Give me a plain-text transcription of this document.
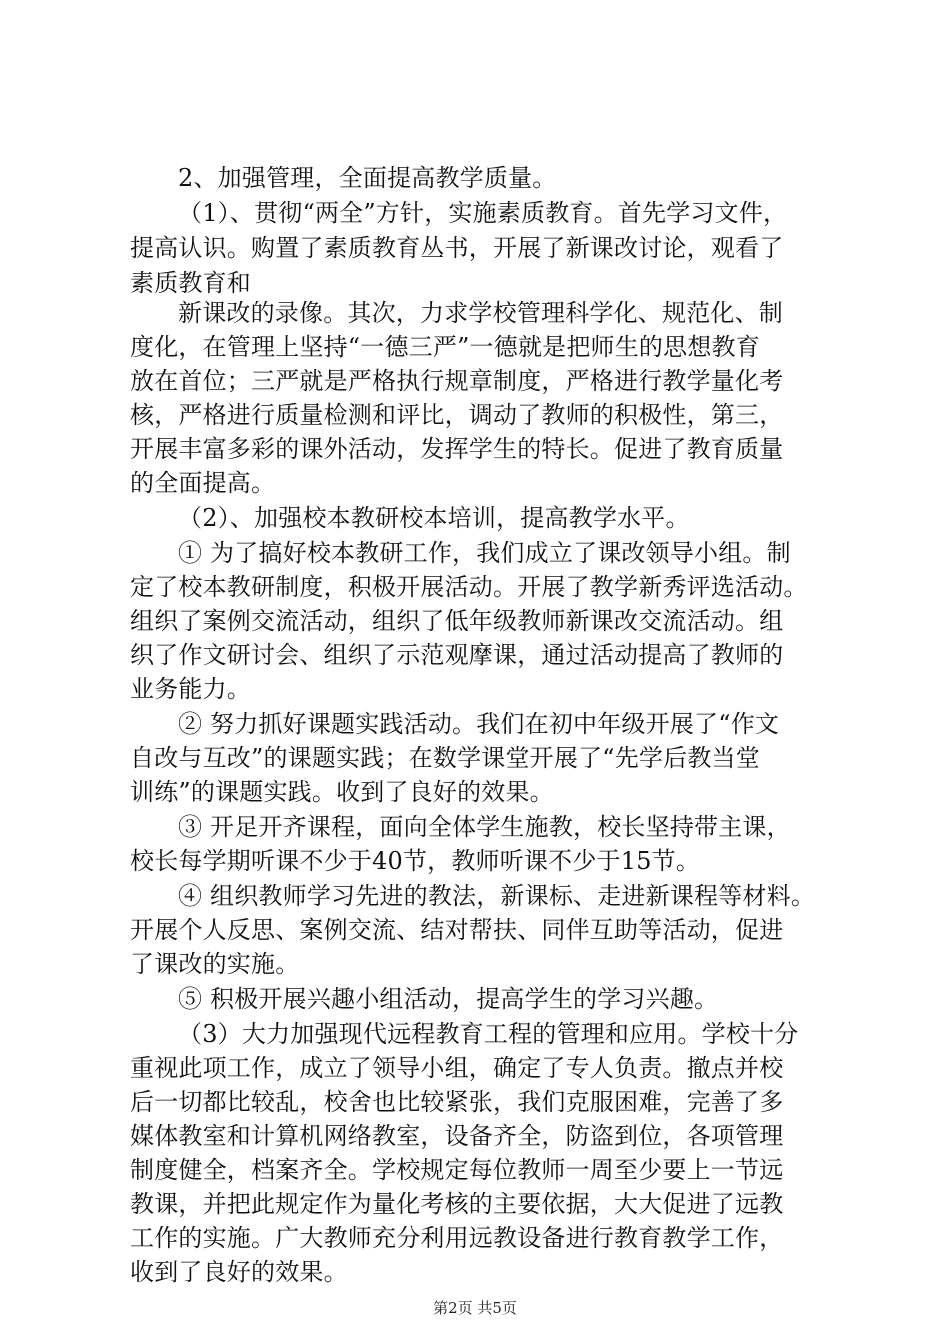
2、加强管理，全面提高教学质量。
（1）、贯彻“两全”方针，实施素质教育。首先学习文件，
提高认识。购置了素质教育丛书，开展了新课改讨论，观看了
素质教育和
新课改的录像。其次，力求学校管理科学化、规范化、制
度化，在管理上坚持“一德三严”一德就是把师生的思想教育
放在首位；三严就是严格执行规章制度，严格进行教学量化考
核，严格进行质量检测和评比，调动了教师的积极性，第三，
开展丰富多彩的课外活动，发挥学生的特长。促进了教育质量
的全面提高。
（2）、加强校本教研校本培训，提高教学水平。
① 为了搞好校本教研工作，我们成立了课改领导小组。制
定了校本教研制度，积极开展活动。开展了教学新秀评选活动。
组织了案例交流活动，组织了低年级教师新课改交流活动。组
织了作文研讨会、组织了示范观摩课，通过活动提高了教师的
业务能力。
② 努力抓好课题实践活动。我们在初中年级开展了“作文
自改与互改”的课题实践；在数学课堂开展了“先学后教当堂
训练”的课题实践。收到了良好的效果。
③ 开足开齐课程，面向全体学生施教，校长坚持带主课，
校长每学期听课不少于40节，教师听课不少于15节。
④ 组织教师学习先进的教法，新课标、走进新课程等材料。
开展个人反思、案例交流、结对帮扶、同伴互助等活动，促进
了课改的实施。
⑤ 积极开展兴趣小组活动，提高学生的学习兴趣。
（3）大力加强现代远程教育工程的管理和应用。学校十分
重视此项工作，成立了领导小组，确定了专人负责。撤点并校
后一切都比较乱，校舍也比较紧张，我们克服困难，完善了多
媒体教室和计算机网络教室，设备齐全，防盗到位，各项管理
制度健全，档案齐全。学校规定每位教师一周至少要上一节远
教课，并把此规定作为量化考核的主要依据，大大促进了远教
工作的实施。广大教师充分利用远教设备进行教育教学工作，
收到了良好的效果。
第2页 共5页
